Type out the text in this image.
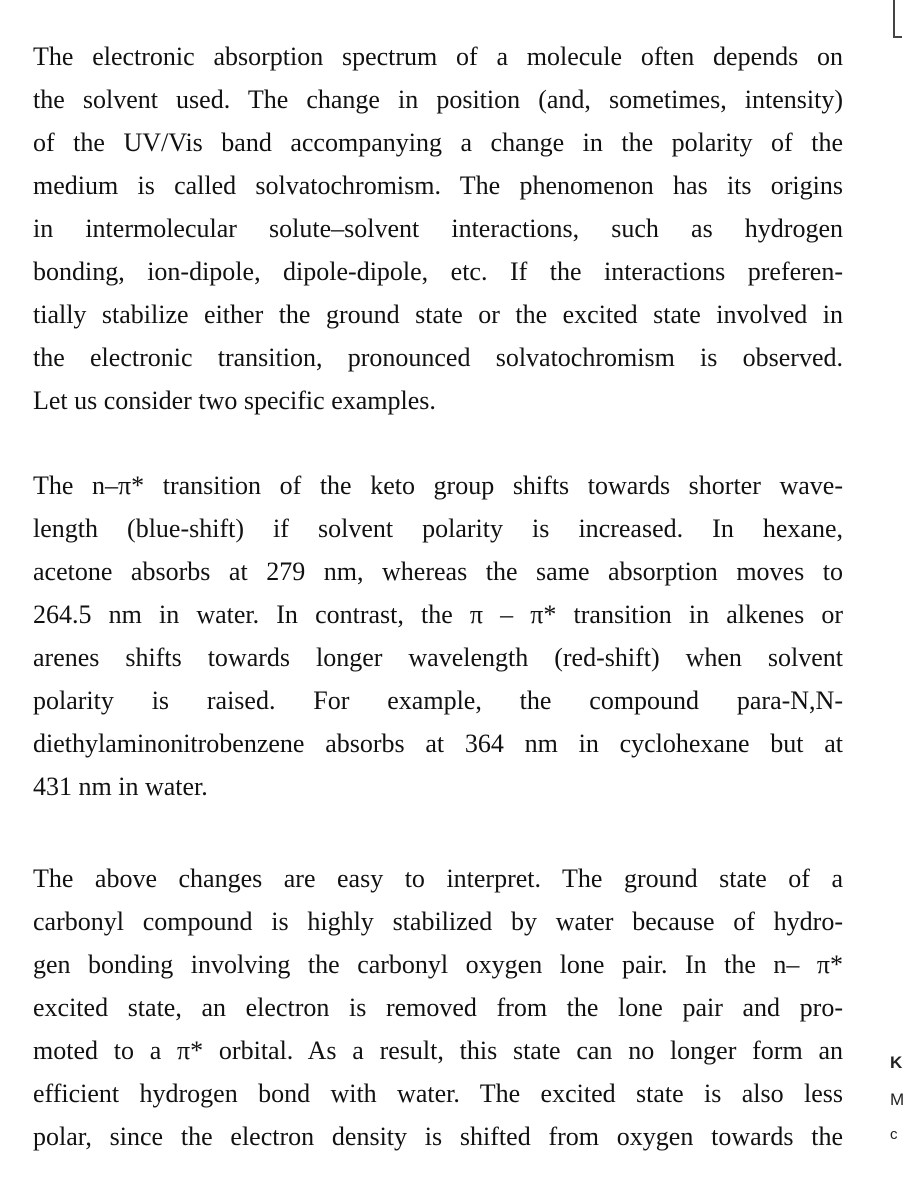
The electronic absorption spectrum of a molecule often depends on
the solvent used. The change in position (and, sometimes, intensity)
of the UV/Vis band accompanying a change in the polarity of the
medium is called solvatochromism. The phenomenon has its origins
in intermolecular solute–solvent interactions, such as hydrogen
bonding, ion-dipole, dipole-dipole, etc. If the interactions preferen-
tially stabilize either the ground state or the excited state involved in
the electronic transition, pronounced solvatochromism is observed.
Let us consider two specific examples.

The n–π* transition of the keto group shifts towards shorter wave-
length (blue-shift) if solvent polarity is increased. In hexane,
acetone absorbs at 279 nm, whereas the same absorption moves to
264.5 nm in water. In contrast, the π – π* transition in alkenes or
arenes shifts towards longer wavelength (red-shift) when solvent
polarity is raised. For example, the compound para-N,N-
diethylaminonitrobenzene absorbs at 364 nm in cyclohexane but at
431 nm in water.

The above changes are easy to interpret. The ground state of a
carbonyl compound is highly stabilized by water because of hydro-
gen bonding involving the carbonyl oxygen lone pair. In the n– π*
excited state, an electron is removed from the lone pair and pro-
moted to a π* orbital. As a result, this state can no longer form an
efficient hydrogen bond with water. The excited state is also less
polar, since the electron density is shifted from oxygen towards the

K
M
c
